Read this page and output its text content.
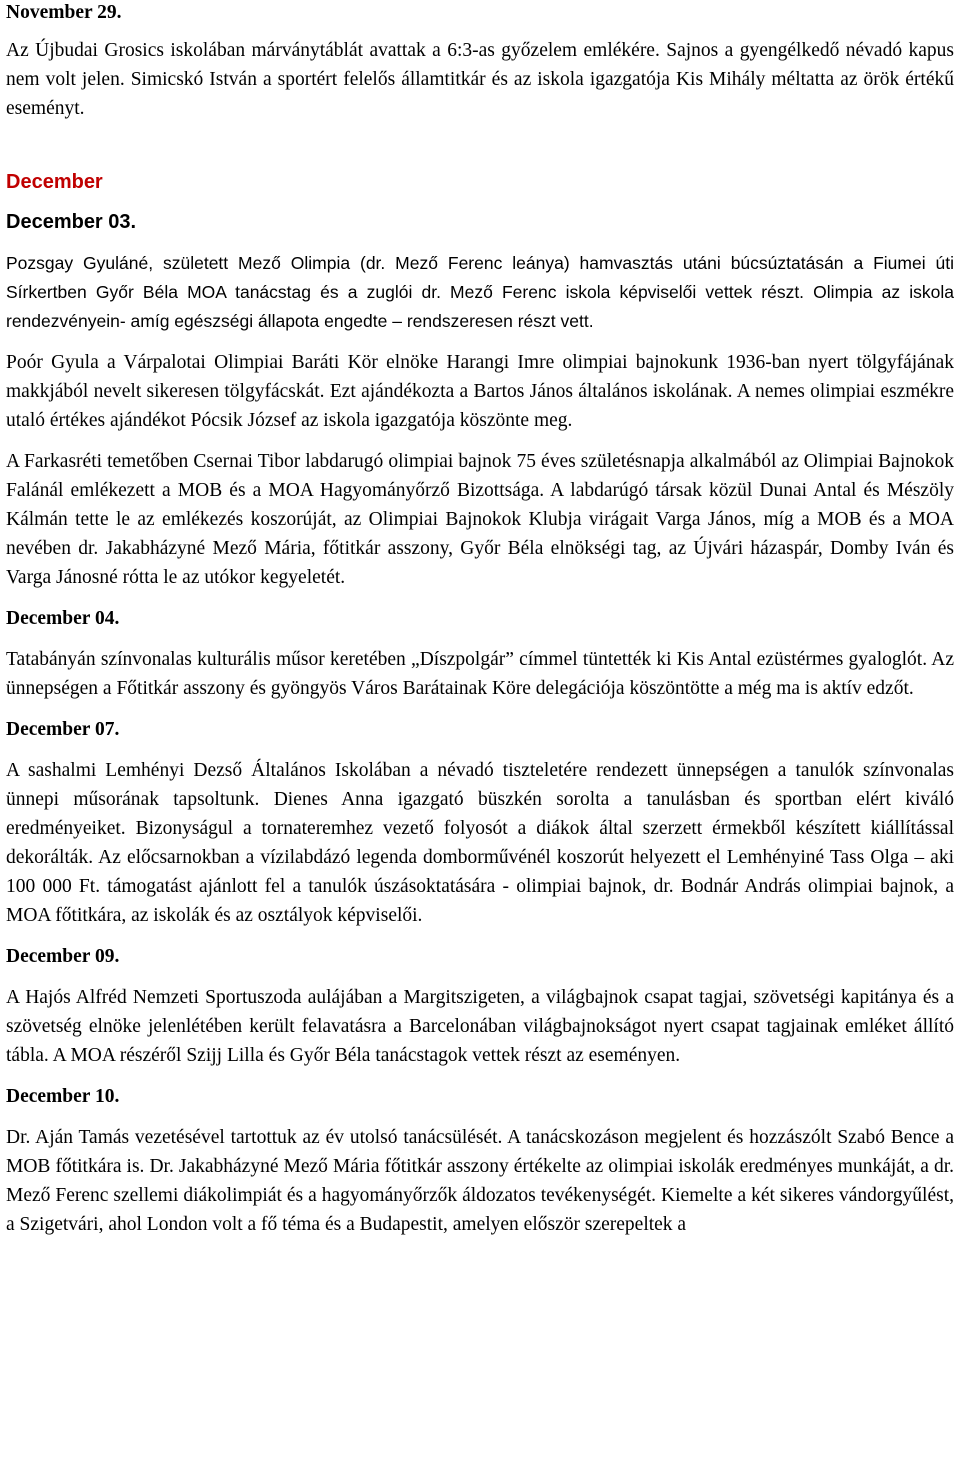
November 29.

Az Újbudai Grosics iskolában márványtáblát avattak a 6:3-as győzelem emlékére. Sajnos a gyengélkedő névadó kapus nem volt jelen. Simicskó István a sportért felelős államtitkár és az iskola igazgatója Kis Mihály méltatta az örök értékű eseményt.

December
December 03.

Pozsgay Gyuláné, született Mező Olimpia (dr. Mező Ferenc leánya) hamvasztás utáni búcsúztatásán a Fiumei úti Sírkertben Győr Béla MOA tanácstag és a zuglói dr. Mező Ferenc iskola képviselői vettek részt. Olimpia az iskola rendezvényein- amíg egészségi állapota engedte – rendszeresen részt vett.

Poór Gyula a Várpalotai Olimpiai Baráti Kör elnöke Harangi Imre olimpiai bajnokunk 1936-ban nyert tölgyfájának makkjából nevelt sikeresen tölgyfácskát. Ezt ajándékozta a Bartos János általános iskolának. A nemes olimpiai eszmékre utaló értékes ajándékot Pócsik József az iskola igazgatója köszönte meg.

A Farkasréti temetőben Csernai Tibor labdarugó olimpiai bajnok 75 éves születésnapja alkalmából az Olimpiai Bajnokok Falánál emlékezett a MOB és a MOA Hagyományőrző Bizottsága. A labdarúgó társak közül Dunai Antal és Mészöly Kálmán tette le az emlékezés koszorúját, az Olimpiai Bajnokok Klubja virágait Varga János, míg a MOB és a MOA nevében dr. Jakabházyné Mező Mária, főtitkár asszony, Győr Béla elnökségi tag, az Újvári házaspár, Domby Iván és Varga Jánosné rótta le az utókor kegyeletét.

December 04.

Tatabányán színvonalas kulturális műsor keretében „Díszpolgár” címmel tüntették ki Kis Antal ezüstérmes gyaloglót. Az ünnepségen a Főtitkár asszony és gyöngyös Város Barátainak Köre delegációja köszöntötte a még ma is aktív edzőt.

December 07.

A sashalmi Lemhényi Dezső Általános Iskolában a névadó tiszteletére rendezett ünnepségen a tanulók színvonalas ünnepi műsorának tapsoltunk. Dienes Anna igazgató büszkén sorolta a tanulásban és sportban elért kiváló eredményeiket. Bizonyságul a tornateremhez vezető folyosót a diákok által szerzett érmekből készített kiállítással dekorálták. Az előcsarnokban a vízilabdázó legenda domborművénél koszorút helyezett el Lemhényiné Tass Olga – aki 100 000 Ft. támogatást ajánlott fel a tanulók úszásoktatására - olimpiai bajnok, dr. Bodnár András olimpiai bajnok, a MOA főtitkára, az iskolák és az osztályok képviselői.

December 09.

A Hajós Alfréd Nemzeti Sportuszoda aulájában a Margitszigeten, a világbajnok csapat tagjai, szövetségi kapitánya és a szövetség elnöke jelenlétében került felavatásra a Barcelonában világbajnokságot nyert csapat tagjainak emléket állító tábla. A MOA részéről Szijj Lilla és Győr Béla tanácstagok vettek részt az eseményen.

December 10.

Dr. Aján Tamás vezetésével tartottuk az év utolsó tanácsülését. A tanácskozáson megjelent és hozzászólt Szabó Bence a MOB főtitkára is. Dr. Jakabházyné Mező Mária főtitkár asszony értékelte az olimpiai iskolák eredményes munkáját, a dr. Mező Ferenc szellemi diákolimpiát és a hagyományőrzők áldozatos tevékenységét. Kiemelte a két sikeres vándorgyűlést, a Szigetvári, ahol London volt a fő téma és a Budapestit, amelyen először szerepeltek a
